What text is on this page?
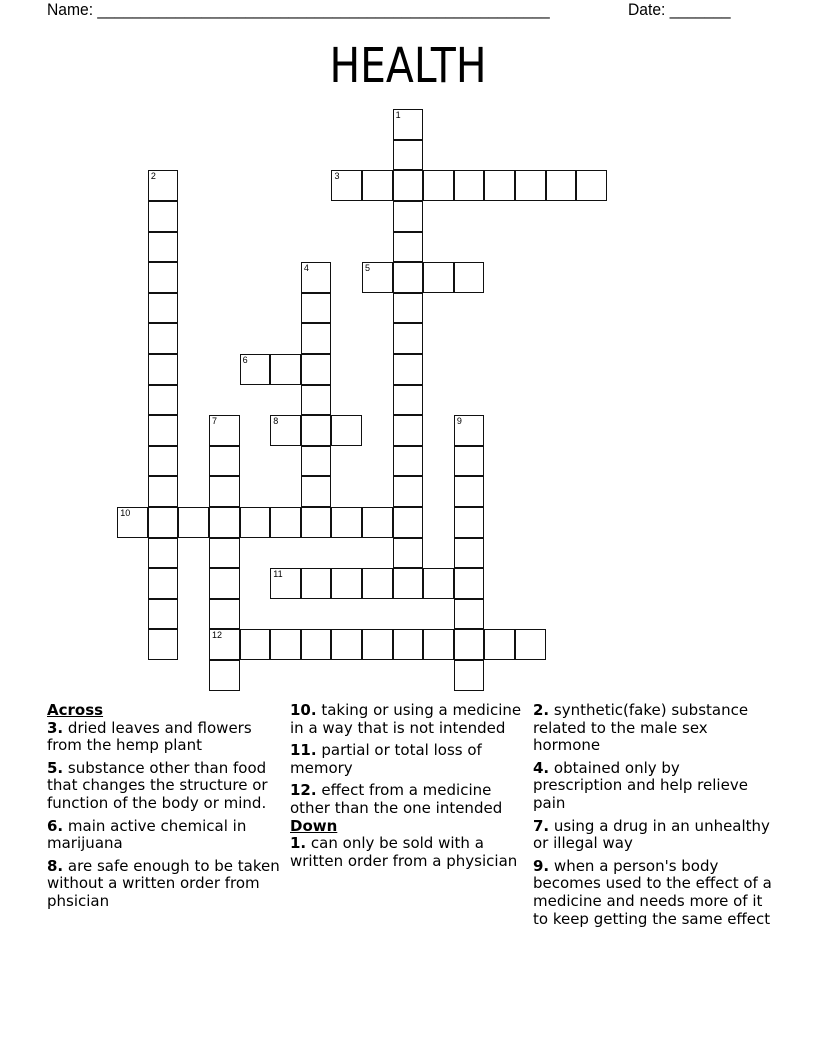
Name: ____________________________________________________	Date: _______
HEALTH
1
2	3
4	5
6
7
12
8	9
10
11
Across
3. dried leaves and flowers from the hemp plant
5. substance other than food that changes the structure or function of the body or mind.
6. main active chemical in marijuana
8. are safe enough to be taken without a written order from phsician
10. taking or using a medicine in a way that is not intended
11. partial or total loss of memory
12. effect from a medicine other than the one intended
Down
1. can only be sold with a written order from a physician
2. synthetic(fake) substance related to the male sex hormone
4. obtained only by prescription and help relieve pain
7. using a drug in an unhealthy or illegal way
9. when a person's body becomes used to the effect of a medicine and needs more of it to keep getting the same effect
